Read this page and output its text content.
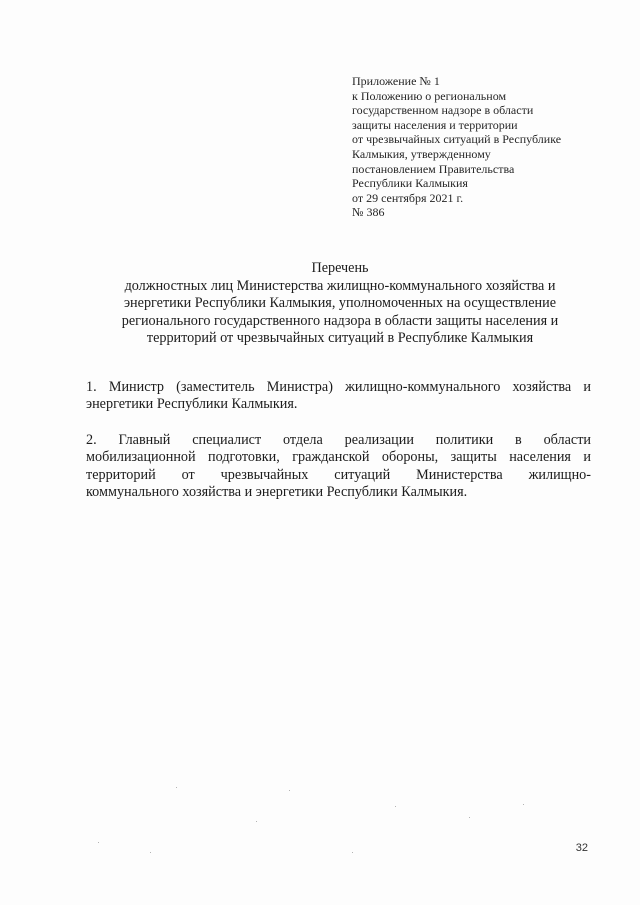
Приложение № 1
к Положению о региональном
государственном надзоре в области
защиты населения и территории
от чрезвычайных ситуаций в Республике
Калмыкия, утвержденному
постановлением Правительства
Республики Калмыкия
от 29 сентября 2021 г.
№ 386
Перечень
должностных лиц Министерства жилищно-коммунального хозяйства и
энергетики Республики Калмыкия, уполномоченных на осуществление
регионального государственного надзора в области защиты населения и
территорий от чрезвычайных ситуаций в Республике Калмыкия
1. Министр (заместитель Министра) жилищно-коммунального хозяйства и
энергетики Республики Калмыкия.
2. Главный специалист отдела реализации политики в области
мобилизационной подготовки, гражданской обороны, защиты населения и
территорий от чрезвычайных ситуаций Министерства жилищно-
коммунального хозяйства и энергетики Республики Калмыкия.
32
